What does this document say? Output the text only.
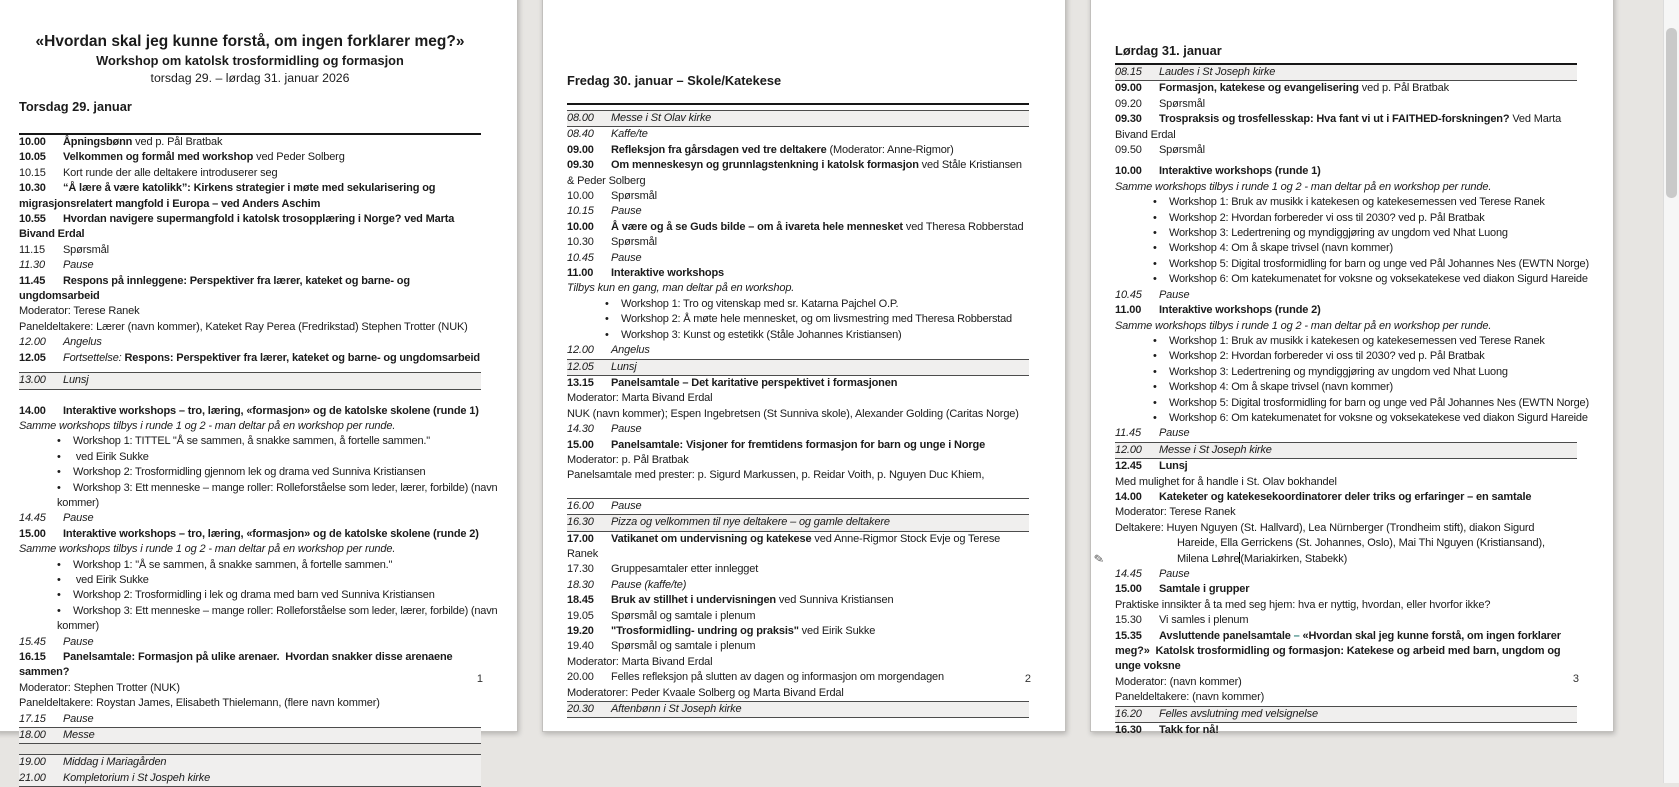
«Hvordan skal jeg kunne forstå, om ingen forklarer meg?»
Workshop om katolsk trosformidling og formasjon
torsdag 29. – lørdag 31. januar 2026
Torsdag 29. januar
10.00 Åpningsbønn ved p. Pål Bratbak
10.05 Velkommen og formål med workshop ved Peder Solberg
10.15 Kort runde der alle deltakere introduserer seg
10.30 “Å lære å være katolikk”: Kirkens strategier i møte med sekularisering og migrasjonsrelatert mangfold i Europa – ved Anders Aschim
10.55 Hvordan navigere supermangfold i katolsk trosopplæring i Norge? ved Marta Bivand Erdal
11.15 Spørsmål
11.30 Pause
11.45 Respons på innleggene: Perspektiver fra lærer, kateket og barne- og ungdomsarbeid
Moderator: Terese Ranek
Paneldeltakere: Lærer (navn kommer), Kateket Ray Perea (Fredrikstad) Stephen Trotter (NUK)
12.00 Angelus
12.05 Fortsettelse: Respons: Perspektiver fra lærer, kateket og barne- og ungdomsarbeid
13.00 Lunsj
14.00 Interaktive workshops – tro, læring, «formasjon» og de katolske skolene (runde 1)
Samme workshops tilbys i runde 1 og 2 - man deltar på en workshop per runde.
• Workshop 1: TITTEL "Å se sammen, å snakke sammen, å fortelle sammen."
• ved Eirik Sukke
• Workshop 2: Trosformidling gjennom lek og drama ved Sunniva Kristiansen
• Workshop 3: Ett menneske – mange roller: Rolleforståelse som leder, lærer, forbilde) (navn kommer)
14.45 Pause
15.00 Interaktive workshops – tro, læring, «formasjon» og de katolske skolene (runde 2)
Samme workshops tilbys i runde 1 og 2 - man deltar på en workshop per runde.
• Workshop 1: "Å se sammen, å snakke sammen, å fortelle sammen."
• ved Eirik Sukke
• Workshop 2: Trosformidling i lek og drama med barn ved Sunniva Kristiansen
• Workshop 3: Ett menneske – mange roller: Rolleforståelse som leder, lærer, forbilde) (navn kommer)
15.45 Pause
16.15 Panelsamtale: Formasjon på ulike arenaer.  Hvordan snakker disse arenaene sammen?
Moderator: Stephen Trotter (NUK)
Paneldeltakere: Roystan James, Elisabeth Thielemann, (flere navn kommer)
17.15 Pause
18.00 Messe
19.00 Middag i Mariagården
21.00 Kompletorium i St Jospeh kirke
1
Fredag 30. januar – Skole/Katekese
08.00 Messe i St Olav kirke
08.40 Kaffe/te
09.00 Refleksjon fra gårsdagen ved tre deltakere (Moderator: Anne-Rigmor)
09.30 Om menneskesyn og grunnlagstenkning i katolsk formasjon ved Ståle Kristiansen & Peder Solberg
10.00 Spørsmål
10.15 Pause
10.00 Å være og å se Guds bilde – om å ivareta hele mennesket ved Theresa Robberstad
10.30 Spørsmål
10.45 Pause
11.00 Interaktive workshops
Tilbys kun en gang, man deltar på en workshop.
• Workshop 1: Tro og vitenskap med sr. Katarna Pajchel O.P.
• Workshop 2: Å møte hele mennesket, og om livsmestring med Theresa Robberstad
• Workshop 3: Kunst og estetikk (Ståle Johannes Kristiansen)
12.00 Angelus
12.05 Lunsj
13.15 Panelsamtale – Det karitative perspektivet i formasjonen
Moderator: Marta Bivand Erdal
NUK (navn kommer); Espen Ingebretsen (St Sunniva skole), Alexander Golding (Caritas Norge)
14.30 Pause
15.00 Panelsamtale: Visjoner for fremtidens formasjon for barn og unge i Norge
Moderator: p. Pål Bratbak
Panelsamtale med prester: p. Sigurd Markussen, p. Reidar Voith, p. Nguyen Duc Khiem,
16.00 Pause
16.30 Pizza og velkommen til nye deltakere – og gamle deltakere
17.00 Vatikanet om undervisning og katekese ved Anne-Rigmor Stock Evje og Terese Ranek
17.30 Gruppesamtaler etter innlegget
18.30 Pause (kaffe/te)
18.45 Bruk av stillhet i undervisningen ved Sunniva Kristiansen
19.05 Spørsmål og samtale i plenum
19.20 "Trosformidling- undring og praksis" ved Eirik Sukke
19.40 Spørsmål og samtale i plenum
Moderator: Marta Bivand Erdal
20.00 Felles refleksjon på slutten av dagen og informasjon om morgendagen
Moderatorer: Peder Kvaale Solberg og Marta Bivand Erdal
20.30 Aftenbønn i St Joseph kirke
2
Lørdag 31. januar
08.15 Laudes i St Joseph kirke
09.00 Formasjon, katekese og evangelisering ved p. Pål Bratbak
09.20 Spørsmål
09.30 Trospraksis og trosfellesskap: Hva fant vi ut i FAITHED-forskningen? Ved Marta Bivand Erdal
09.50 Spørsmål
10.00 Interaktive workshops (runde 1)
Samme workshops tilbys i runde 1 og 2 - man deltar på en workshop per runde.
• Workshop 1: Bruk av musikk i katekesen og katekesemessen ved Terese Ranek
• Workshop 2: Hvordan forbereder vi oss til 2030? ved p. Pål Bratbak
• Workshop 3: Ledertrening og myndiggjøring av ungdom ved Nhat Luong
• Workshop 4: Om å skape trivsel (navn kommer)
• Workshop 5: Digital trosformidling for barn og unge ved Pål Johannes Nes (EWTN Norge)
• Workshop 6: Om katekumenatet for voksne og voksekatekese ved diakon Sigurd Hareide
10.45 Pause
11.00 Interaktive workshops (runde 2)
Samme workshops tilbys i runde 1 og 2 - man deltar på en workshop per runde.
• Workshop 1: Bruk av musikk i katekesen og katekesemessen ved Terese Ranek
• Workshop 2: Hvordan forbereder vi oss til 2030? ved p. Pål Bratbak
• Workshop 3: Ledertrening og myndiggjøring av ungdom ved Nhat Luong
• Workshop 4: Om å skape trivsel (navn kommer)
• Workshop 5: Digital trosformidling for barn og unge ved Pål Johannes Nes (EWTN Norge)
• Workshop 6: Om katekumenatet for voksne og voksekatekese ved diakon Sigurd Hareide
11.45 Pause
12.00 Messe i St Joseph kirke
12.45 Lunsj
Med mulighet for å handle i St. Olav bokhandel
14.00 Kateketer og katekesekoordinatorer deler triks og erfaringer – en samtale
Moderator: Terese Ranek
Deltakere: Huyen Nguyen (St. Hallvard), Lea Nürnberger (Trondheim stift), diakon Sigurd
Hareide, Ella Gerrickens (St. Johannes, Oslo), Mai Thi Nguyen (Kristiansand),
✎	Milena Løhre(Mariakirken, Stabekk)
14.45 Pause
15.00 Samtale i grupper
Praktiske innsikter å ta med seg hjem: hva er nyttig, hvordan, eller hvorfor ikke?
15.30 Vi samles i plenum
15.35 Avsluttende panelsamtale – «Hvordan skal jeg kunne forstå, om ingen forklarer meg?»  Katolsk trosformidling og formasjon: Katekese og arbeid med barn, ungdom og unge voksne
Moderator: (navn kommer)
Paneldeltakere: (navn kommer)
16.20 Felles avslutning med velsignelse
16.30 Takk for nå!
3
